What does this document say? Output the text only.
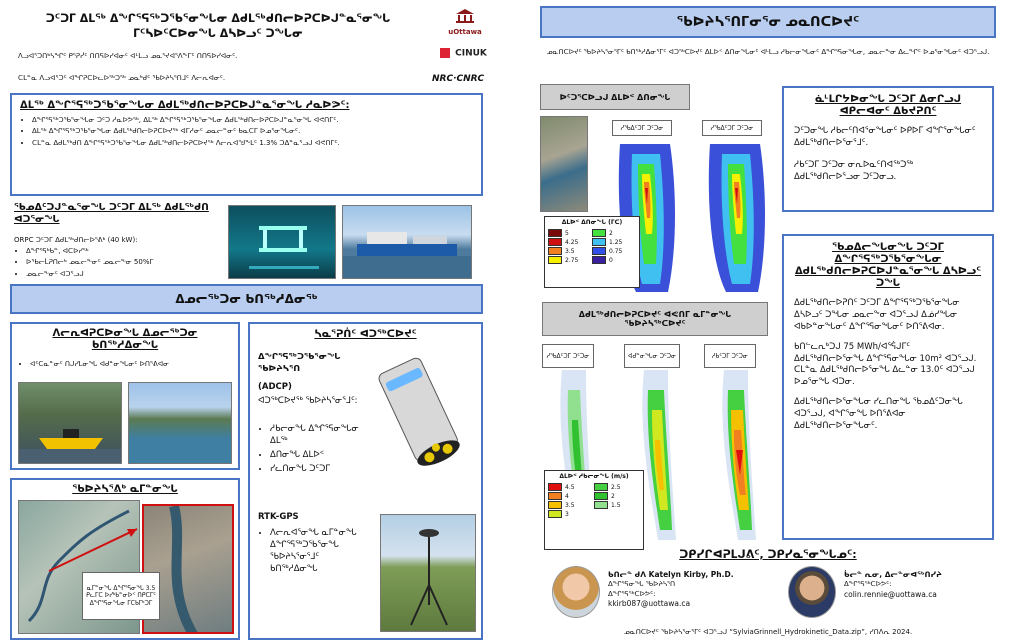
ᑐᑦᑐᒥ ᐃᒪᖅ ᐃᖏᕐᕋᖅᑐᖃᕐᓂᖓᓂ ᐃᑯᒪᖅᑯᑎᓕᐅᕈᑕᐅᒍᓐᓇᕐᓂᖓ ᒥᑦᓴᐅᑦᑕᐅᓂᖓ ᐃᓴᐅᓗᑦ ᑐᖓᓂ	uOttawa
ᐱᓗᐊᕐᑐᑎᒃᓴᖏᑦ ᑭᕐᕈᓰᑦ ᑎᑎᕋᐅᓯᐊᓂᑦ ᐊᒻᒪᓗ ᓄᓇᕐᔪᐊᕐᐱᖕᒥᑦ ᑎᑎᕋᐅᓯᐊᓂᑦ.	CINUK
ᑕᒪᓐᓇ ᐱᓗᐊᕐᑐᑦ ᐊᖏᕈᑕᐅᓚᐅᖅᑐᖅ ᓄᓇᒃᑯᑦ ᖃᐅᔨᓴᕐᑎᒧᑦ ᐱᓕᕆᐊᓂᑦ.	NRC·CNRC
ᐃᒪᖅ ᐃᖏᕐᕋᖅᑐᖃᕐᓂᖓᓂ ᐃᑯᒪᖅᑯᑎᓕᐅᕈᑕᐅᒍᓐᓇᕐᓂᖓ ᓱᓇᐅᕗᑦ:
• ᐃᖏᕐᕋᖅᑐᖃᕐᓂᖓᓂ ᑐᑦᑐ ᓱᓇᐅᕗᖅ, ᐃᒪᖅ ᐃᖏᕐᕋᖅᑐᖃᕐᓂᖓᓂ ᐃᑯᒪᖅᑯᑎᓕᐅᕈᑕᐅᒍᓐᓇᕐᓂᖓ ᐊᕙᑎᒥᑦ.
• ᐃᒪᖅ ᐃᖏᕐᕋᖅᑐᖃᕐᓂᖓᓂ ᐃᑯᒪᖅᑯᑎᓕᐅᕈᑕᐅᔪᖅ ᐊᒥᓱᓂᑦ ᓄᓇᓕᓐᓂᑦ ᑲᓇᑕᒥ ᐅᓄᕐᓂᖓᓂᑦ.
• ᑕᒪᓐᓇ ᐃᑯᒪᖅᑯᑎ ᐃᖏᕐᕋᖅᑐᖃᕐᓂᖓᓂ ᐃᑯᒪᖅᑯᑎᓕᐅᕈᑕᐅᔪᖅ ᐱᓕᕆᐊᖑᖕᒪᑦ 1.3% ᑐᐃᓐᓇᕐᓗᒍ ᐊᕙᑎᒥᑦ.
ᖃᓄᐃᑦᑐᒍᓐᓇᕐᓂᖓ ᑐᑦᑐᒥ ᐃᒪᖅ ᐃᑯᒪᖅᑯᑎ ᐊᑐᕐᓂᖓ
ORPC ᑐᑦᑐᒥ ᐃᑯᒪᖅᑯᑎᓕᐅᕐᕕᒃ (40 kW):
• ᐃᖏᕐᕋᒃᑲᓐ, ᐊᑕᐅᓯᖅ
• ᐅᖃᓕᒫᕈᑎᓕᒃ ᓄᓇᓕᖕᓂᑦ ᓄᓇᓕᖕᓂ 50%ᒥ
• ᓄᓇᓕᖕᓂᑦ ᐊᑐᕐᓗᒍ
ᐃᓄᓕᖅᑐᓂ ᑲᑎᖅᓱᐃᓂᖅ
ᐱᓕᕆᐊᕈᑕᐅᓂᖓ ᐃᓄᓕᖅᑐᓂ ᑲᑎᖅᓱᐃᓂᖓ
• ᐊᑦᑕᓇᓐᓂᑦ ᑎᒍᓯᒪᓂᖓ ᐊᑯᓐᓂᖓᓂᑦ ᐅᑎᕐᕕᐊᓂ
ᖃᐅᔨᓴᕐᕕᒃ ᓇᒥᓐᓂᖓ
ᓇᒥᓐᓂᖓ ᐃᖏᕐᕋᓂᖓ 3.5 ᑭᓚᒥᑕ ᐅᓯᒃᑲᓐᓂᐅᑉ ᑎᑭᑕᒥᑦ ᐃᖏᕐᕋᓂᖓᓂ ᒥᑕᑲᒥᒃᑐᒥ
ᓴᓇᕐᕈᑏᑦ ᐊᑐᖅᑕᐅᔪᑦ
ᐃᖏᕐᕋᖅᑐᖃᕐᓂᖓ ᖃᐅᔨᓴᕐᑎ
(ADCP)
ᐊᑐᖅᑕᐅᔪᖅ ᖃᐅᔨᓴᕐᓂᕐᒧᑦ:
• ᓱᑲᓕᓂᖓ ᐃᖏᕐᕋᓂᖓᓂ ᐃᒪᖅ
• ᐃᑎᓂᖓ ᐃᒪᐅᑉ
• ᓯᓚᑎᓂᖓ ᑐᑦᑐᒥ
RTK-GPS
• ᐱᓕᕆᐊᕐᓂᖓ ᓇᒥᓐᓂᖓ ᐃᖏᕐᕋᖅᑐᖃᕐᓂᖓ ᖃᐅᔨᓴᕐᓂᕐᒧᑦ ᑲᑎᖅᓱᐃᓂᖓ
ᖃᐅᔨᓴᕐᑎᒥᓂᕐᓂ ᓄᓇᑎᑕᐅᔪᑦ
ᓄᓇᑎᑕᐅᔪᑦ ᖃᐅᔨᓴᕐᓂᕐᒥᑦ ᑲᑎᖅᓱᐃᓂᕐᒥᑦ ᐊᑐᖅᑕᐅᔪᑦ ᐃᒪᐅᑉ ᐃᑎᓂᖓᓂᑦ ᐊᒻᒪᓗ ᓱᑲᓕᓂᖓᓂᑦ ᐃᖏᕐᕋᓂᖓᓂ, ᓄᓇᓕᖕᓂ ᐃᓚᖏᑦ ᐅᓄᕐᓂᖓᓂᑦ ᐊᑐᕐᓗᒍ.
ᐅᑦᑐᕐᑕᐅᓗᒍ ᐃᒪᐅᑉ ᐃᑎᓂᖓ
ᓱᖃᐃᑦᑐᒥ ᑐᑦᑐᓂ	ᓱᖃᐃᑦᑐᒥ ᑐᑦᑐᓂ
ᐃᒪᐅᑉ ᐃᑎᓂᖓ (ᒥᑕ)
5
4.25
3.5
2.75
2
1.25
0.75
0
ᐃᑯᒪᖅᑯᑎᓕᐅᕈᑕᐅᔪᑦ ᐊᕙᑎᒥ ᓇᒥᓐᓂᖓ ᖃᐅᔨᓴᖅᑕᐅᔪᑦ
ᓱᖃᐃᑦᑐᒥ ᑐᑦᑐᓂ	ᐊᑯᓐᓂᖓᓂ ᑐᑦᑐᓂ	ᓱᑲᑦᑐᒥ ᑐᑦᑐᓂ
ᐃᒪᐅᑉ ᓱᑲᓕᓂᖓ (m/s)
4.5
4
3.5
3
2.5
2
1.5
ᓈᒻᒪᒋᔭᐅᓂᖓ ᑐᑦᑐᒥ ᐃᓂᒋᓗᒍ ᐊᑭᓕᐊᓂᑦ ᐃᑲᔪᕈᑎᑦ
ᑐᑦᑐᓂᖓ ᓱᑲᓕᑦᑎᐊᕐᓂᖓᓂᑦ ᐅᑭᐅᒥ ᐊᖏᕐᓂᖓᓂᑦ ᐃᑯᒪᖅᑯᑎᓕᐅᕐᓂᕐᒧᑦ.
ᓱᑲᑦᑐᒥ ᑐᑦᑐᓂ ᓂᕆᐅᓇᑦᑎᐊᖅᑐᖅ ᐃᑯᒪᖅᑯᑎᓕᐅᕐᓗᓂ ᑐᑦᑐᓂᓗ.
ᖃᓄᐃᓕᖓᓂᖓ ᑐᑦᑐᒥ ᐃᖏᕐᕋᖅᑐᖃᕐᓂᖓᓂ ᐃᑯᒪᖅᑯᑎᓕᐅᕈᑕᐅᒍᓐᓇᕐᓂᖓ ᐃᓴᐅᓗᑦ ᑐᖓ
ᐃᑯᒪᖅᑯᑎᓕᐅᕈᑎᑦ ᑐᑦᑐᒥ ᐃᖏᕐᕋᖅᑐᖃᕐᓂᖓᓂ ᐃᓴᐅᓗᑦ ᑐᖓᓂ ᓄᓇᓕᖕᓂ ᐊᑐᕐᓗᒍ ᐃᓅᓯᖓᓂ ᐊᑲᐅᓐᓂᖓᓂᑦ ᐃᖏᕐᕋᓂᖓᓂᑦ ᐅᑎᕐᕕᐊᓂ.
ᑲᑎᓪᓚᕆᒃᑐᒍ 75 MWh/ᐊᕐᕌᒍᒥᑦ ᐃᑯᒪᖅᑯᑎᓕᐅᕐᓂᖓ ᐃᖏᕐᕋᓂᖓᓂ 10m² ᐊᑐᕐᓗᒍ. ᑕᒪᓐᓇ ᐃᑯᒪᖅᑯᑎᓕᐅᕐᓂᖓ ᐃᓚᓐᓂ 13.0ᑦ ᐊᑐᕐᓗᒍ ᐅᓄᕐᓂᖓ ᐊᑐᓂ.
ᐃᑯᒪᖅᑯᑎᓕᐅᕐᓂᖓᓂ ᓯᓚᑎᓂᖓ ᖃᓄᐃᑦᑐᓂᖓ ᐊᑐᕐᓗᒍ, ᐊᖏᕐᓂᖓ ᐅᑎᕐᕕᐊᓂ ᐃᑯᒪᖅᑯᑎᓕᐅᕐᓂᖓᓂᑦ.
ᑐᑭᓯᒋᐊᕈᒪᒍᕕᑦ, ᑐᑭᓯᓇᕐᓂᖓᓄᑦ:
ᑲᑎᓕᓐ ᑯᐱ Katelyn Kirby, Ph.D.
ᐃᖏᕐᕋᓂᖓ ᖃᐅᔨᓴᕐᑎ
ᐃᖏᕐᕋᖅᑕᐅᕗᑦ:
kkirb087@uottawa.ca
ᑳᓕᓐ ᕆᓂ, ᐃᓕᓐᓂᐊᖅᑎᓯᔨ
ᐃᖏᕐᕋᖅᑕᐅᕗᑦ:
colin.rennie@uottawa.ca
ᓄᓇᑎᑕᐅᔪᑦ ᖃᐅᔨᓴᕐᓂᕐᒥᑦ ᐊᑐᕐᓗᒍ “SylviaGrinnell_Hydrokinetic_Data.zip”, ᓯᑎᐱᕆ 2024.
